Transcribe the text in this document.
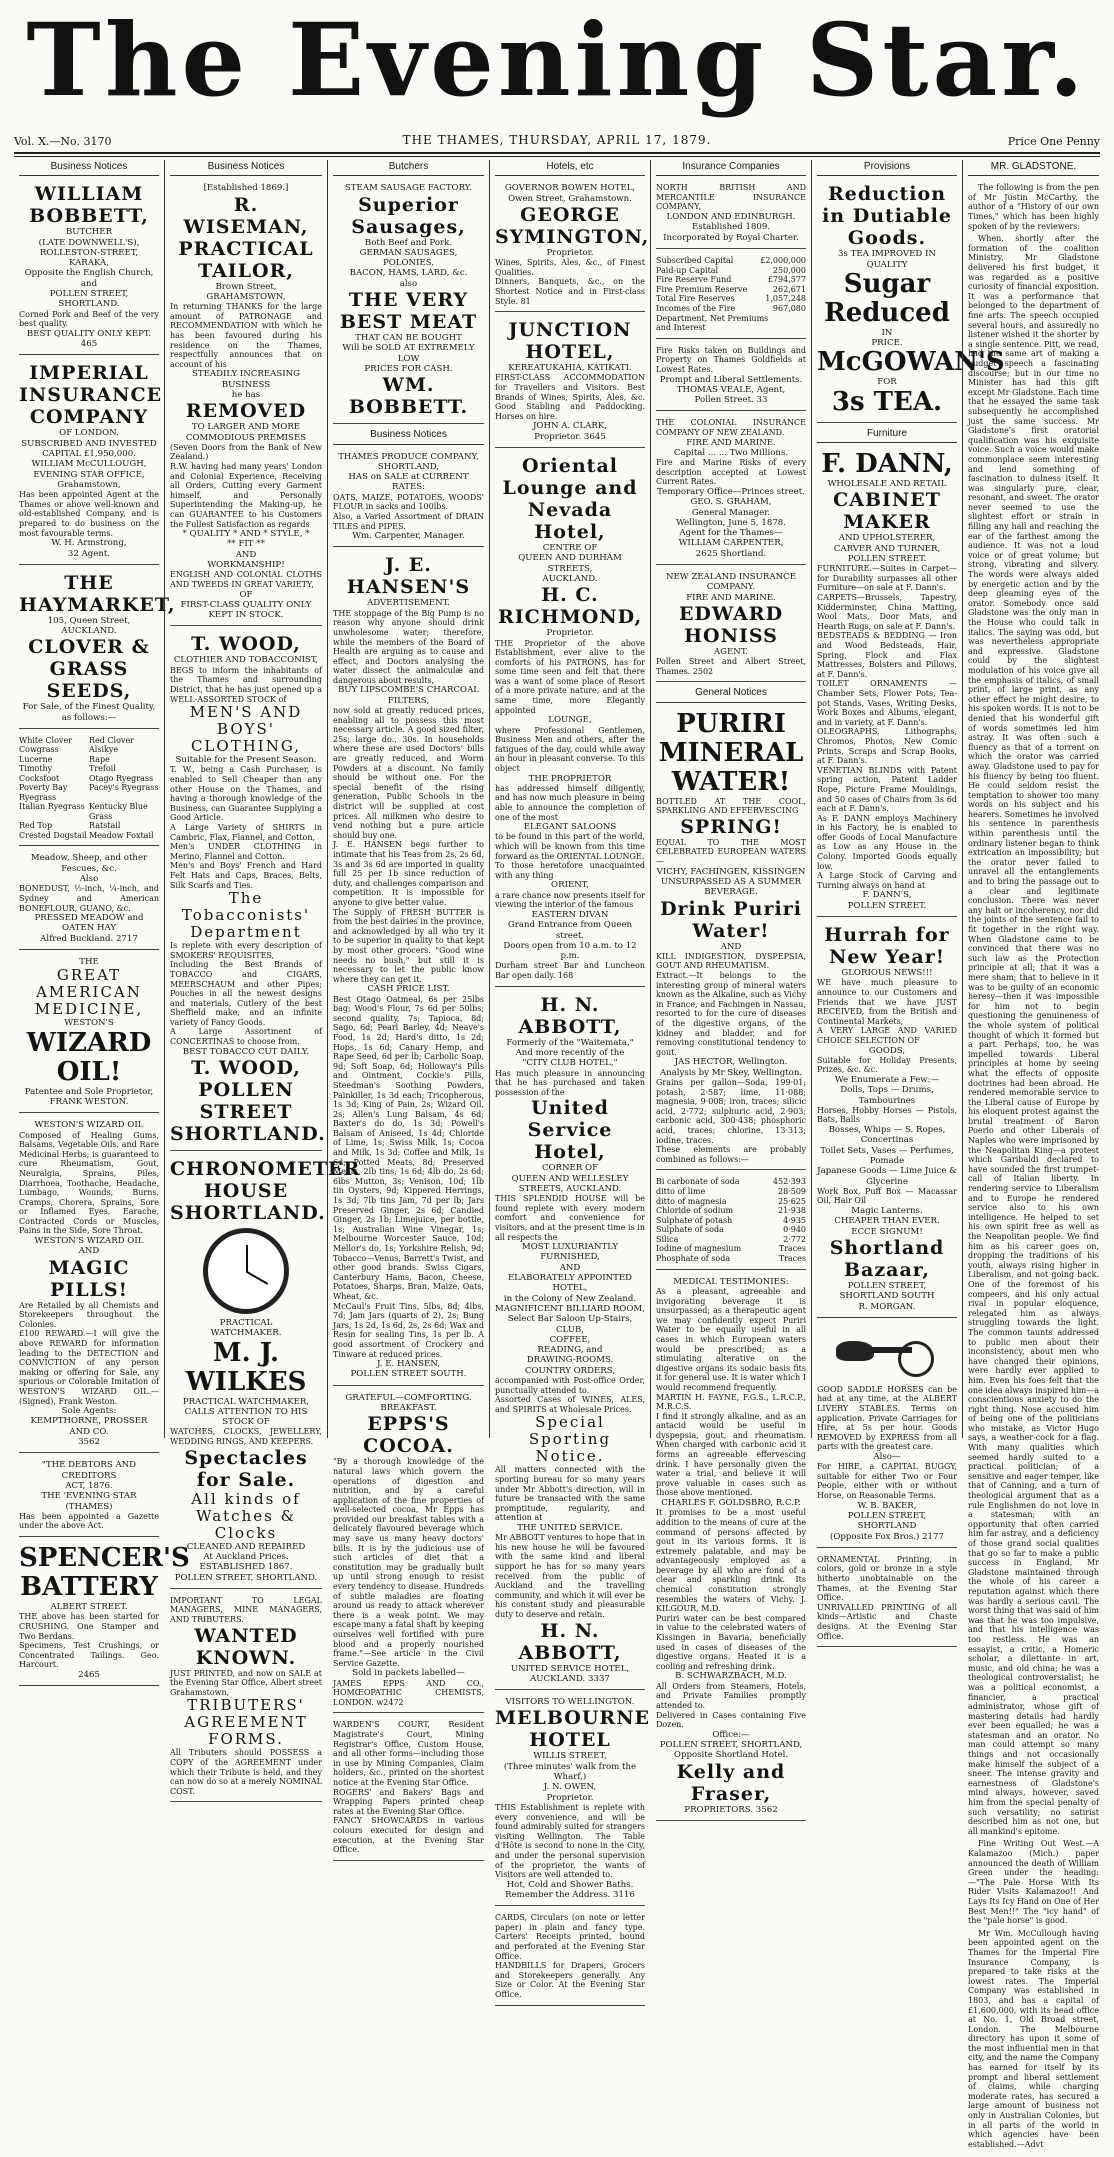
The Evening Star.
Vol. X.—No. 3170	THE THAMES, THURSDAY, APRIL 17, 1879.	Price One Penny
Business Notices
WILLIAM BOBBETT,
BUTCHER
(LATE DOWNWELL'S),
ROLLESTON-STREET, KARAKA,
Opposite the English Church,
and
POLLEN STREET, SHORTLAND.
Corned Pork and Beef of the very best quality.
BEST QUALITY ONLY KEPT. 465
IMPERIAL
INSURANCE COMPANY
OF LONDON.
SUBSCRIBED AND INVESTED
CAPITAL £1,950,000.
WILLIAM McCULLOUGH,
EVENING STAR OFFICE,
Grahamstown,
Has been appointed Agent at the Thames or above well-known and old-established Company, and is prepared to do business on the most favourable terms.
W. H. Armstrong,
32 Agent.
THE HAYMARKET,
105, Queen Street,
AUCKLAND.
CLOVER & GRASS SEEDS,
For Sale, of the Finest Quality,
as follows:—
White Clover	Red Clover
Cowgrass	Alsikye
Lucerne	Rape
Timothy	Trefoil
Cocksfoot	Otago Ryegrass
Poverty Bay Ryegrass
Pacey's Ryegrass
Italian Ryegrass Kentucky Blue Grass
Red Top	Ratstail
Crested Dogstail Meadow Foxtail
Meadow, Sheep, and other Fescues, &c.
Also
BONEDUST, ½-inch, ¼-inch, and Sydney and American BONEFLOUR, GUANO, &c.
PRESSED MEADOW and OATEN HAY
Alfred Buckland. 2717
THE
GREAT AMERICAN MEDICINE,
WESTON'S
WIZARD OIL!
Patentee and Sole Proprietor,
FRANK WESTON.
WESTON'S WIZARD OIL
Composed of Healing Gums, Balsams, Vegetable Oils, and Rare Medicinal Herbs; is guaranteed to cure Rheumatism, Gout, Neuralgia, Sprains, Piles, Diarrhoea, Toothache, Headache, Lumbago, Wounds, Burns, Cramps, Chorera, Sprains, Sore or Inflamed Eyes, Earache, Contracted Cords or Muscles, Pains in the Side, Sore Throat.
WESTON'S WIZARD OIL
AND
MAGIC PILLS!
Are Retailed by all Chemists and Storekeepers throughout the Colonies.
£100 REWARD.—I will give the above REWARD for information leading to the DETECTION and CONVICTION of any person making or offering for Sale, any spurious or Colorable Imitation of WESTON'S WIZARD OIL.—(Signed), Frank Weston.
Sole Agents:
KEMPTHORNE, PROSSER AND CO.
3562
"THE DEBTORS AND CREDITORS
ACT, 1876.
THE 'EVENING STAR
(THAMES)
Has been appointed a Gazette under the above Act.
SPENCER'S
BATTERY
ALBERT STREET.
THE above has been started for CRUSHING. One Stamper and Two Berdans.
Specimens, Test Crushings, or Concentrated Tailings. Geo. Harcourt.
2465
Business Notices
[Established 1869.]
R. WISEMAN,
PRACTICAL TAILOR,
Brown Street,
GRAHAMSTOWN,
In returning THANKS for the large amount of PATRONAGE and RECOMMENDATION with which he has been favoured during his residence on the Thames, respectfully announces that on account of his
STEADILY INCREASING BUSINESS
he has
REMOVED
TO LARGER AND MORE COMMODIOUS PREMISES
(Seven Doors from the Bank of New Zealand.)
R.W. having had many years' London and Colonial Experience, Receiving all Orders, Cutting every Garment himself, and Personally Superintending the Making-up, he can GUARANTEE to his Customers the Fullest Satisfaction as regards
* QUALITY * AND * STYLE, *
** FIT **
AND
WORKMANSHIP!
ENGLISH AND COLONIAL CLOTHS AND TWEEDS IN GREAT VARIETY,
OF
FIRST-CLASS QUALITY ONLY KEPT IN STOCK.
T. WOOD,
CLOTHIER AND TOBACCONIST,
BEGS to inform the inhabitants of the Thames and surrounding District, that he has just opened up a WELL-ASSORTED STOCK of
MEN'S AND BOYS' CLOTHING,
Suitable for the Present Season.
T. W., being a Cash Purchaser, is enabled to Sell Cheaper than any other House on the Thames, and having a thorough knowledge of the Business, can Guarantee Supplying a Good Article.
A Large Variety of SHIRTS in Cambric, Flax, Flannel, and Cotton,
Men's UNDER CLOTHING in Merino, Flannel and Cotton.
Men's and Boys' French and Hard Felt Hats and Caps, Braces, Belts, Silk Scarfs and Ties.
The Tobacconists' Department
Is replete with every description of SMOKERS' REQUISITES,
Including the Best Brands of TOBACCO and CIGARS, MEERSCHAUM and other Pipes; Pouches in all the newest designs and materials, Cutlery of the best Sheffield make, and an infinite variety of Fancy Goods.
A Large Assortment of CONCERTINAS to choose from.
BEST TOBACCO CUT DAILY.
T. WOOD,
POLLEN STREET
SHORTLAND.
CHRONOMETER HOUSE
SHORTLAND.
PRACTICAL
WATCHMAKER.
M. J. WILKES
PRACTICAL WATCHMAKER,
CALLS ATTENTION TO HIS STOCK OF
WATCHES, CLOCKS, JEWELLERY, WEDDING RINGS, AND KEEPERS.
Spectacles for Sale.
All kinds of Watches & Clocks
CLEANED AND REPAIRED
At Auckland Prices.
ESTABLISHED 1867.
POLLEN STREET, SHORTLAND.
IMPORTANT TO LEGAL MANAGERS, MINE MANAGERS, AND TRIBUTERS.
WANTED KNOWN.
JUST PRINTED, and now on SALE at the Evening Star Office, Albert street Grahamstown,
TRIBUTERS' AGREEMENT FORMS.
All Tributers should POSSESS a COPY of the AGREEMENT under which their Tribute is held, and they can now do so at a merely NOMINAL COST.
Butchers
STEAM SAUSAGE FACTORY.
Superior Sausages,
Both Beef and Pork.
GERMAN SAUSAGES, POLONIES,
BACON, HAMS, LARD, &c.
also
THE VERY BEST MEAT
THAT CAN BE BOUGHT
Will be SOLD AT EXTREMELY LOW
PRICES FOR CASH.
WM. BOBBETT.
Business Notices
THAMES PRODUCE COMPANY, SHORTLAND,
HAS on SALE at CURRENT RATES:
OATS, MAIZE, POTATOES, WOODS' FLOUR in sacks and 100lbs.
Also, a Varied Assortment of DRAIN TILES and PIPES.
Wm. Carpenter, Manager.
J. E. HANSEN'S
ADVERTISEMENT.
THE stoppage of the Big Pump is no reason why anyone should drink unwholesome water; therefore, while the members of the Board of Health are arguing as to cause and effect, and Doctors analysing the water dissect the animalculæ and dangerous about results,
BUY LIPSCOMBE'S CHARCOAL FILTERS,
now sold at greatly reduced prices, enabling all to possess this most necessary article. A good sized filter, 25s; large do., 30s. In households where these are used Doctors' bills are greatly reduced, and Worm Powders at a discount. No family should be without one. For the special benefit of the rising generation, Public Schools in the district will be supplied at cost prices. All milkmen who desire to vend nothing but a pure article should buy one.
J. E. HANSEN begs further to intimate that his Teas from 2s, 2s 6d, 3s and 3s 6d are imported in quality full 25 per 1b since reduction of duty, and challenges comparison and competition. It is impossible for anyone to give better value.
The Supply of FRESH BUTTER is from the best dairies in the province, and acknowledged by all who try it to be superior in quality to that kept by most other grocers. "Good wine needs no bush," but still it is necessary to let the public know where they can get it.
CASH PRICE LIST.
Best Otago Oatmeal, 6s per 25lbs bag; Wood's Flour, 7s 6d per 50lbs; second quality, 7s; Tapioca, 8d; Sago, 6d; Pearl Barley, 4d; Neave's Food, 1s 2d; Hard's ditto, 1s 2d; Hops, 1s 6d; Canary Hemp, and Rape Seed, 6d per lb; Carbolic Soap, 9d; Soft Soap, 6d; Holloway's Pills and Ointment, Cockle's Pills, Steedman's Soothing Powders, Painkiller, 1s 3d each; Tricopherous, 1s 3d; King of Pain, 2s; Wizard Oil, 2s; Allen's Lung Balsam, 4s 6d; Baxter's do do, 1s 3d; Powell's Balsam of Aniseed, 1s 4d; Chloride of Lime, 1s; Swiss Milk, 1s; Cocoa and Milk, 1s 3d; Coffee and Milk, 1s 6d; Potted Meats, 8d; Preserved Meats, 2lb tins, 1s 6d; 4lb do, 2s 6d; 6lbs Mutton, 3s; Venison, 10d; 1lb tin Oysters, 9d; Kippered Herrings, 1s 3d; 7lb tins Jam, 7d per lb; Jars Preserved Ginger, 2s 6d; Candied Ginger, 2s 1b; Limejuice, per bottle, 1s; Australian Wine Vinegar, 1s; Melbourne Worcester Sauce, 10d; Mellor's do, 1s; Yorkshire Relish, 9d; Tobacco—Venus, Barrett's Twist, and other good brands. Swiss Cigars, Canterbury Hams, Bacon, Cheese, Potatoes, Sharps, Bran, Maize, Oats, Wheat, &c.
McCaul's Fruit Tins, 5lbs, 8d; 4lbs, 7d; Jam Jars (quarts of 2), 2s; Bung Jars, 1s 2d, 1s 6d, 2s, 2s 6d; Wax and Resin for sealing Tins, 1s per lb. A good assortment of Crockery and Tinware at reduced prices.
J. E. HANSEN,
POLLEN STREET SOUTH.
GRATEFUL—COMFORTING.
BREAKFAST.
EPPS'S COCOA.
"By a thorough knowledge of the natural laws which govern the operations of digestion and nutrition, and by a careful application of the fine properties of well-selected cocoa, Mr Epps has provided our breakfast tables with a delicately flavoured beverage which may save us many heavy doctors' bills. It is by the judicious use of such articles of diet that a constitution may be gradually built up until strong enough to resist every tendency to disease. Hundreds of subtle maladies are floating around us ready to attack wherever there is a weak point. We may escape many a fatal shaft by keeping ourselves well fortified with pure blood and a properly nourished frame."—See article in the Civil Service Gazette.
Sold in packets labelled—
JAMES EPPS AND CO., HOMŒOPATHIC CHEMISTS, LONDON. w2472
WARDEN'S COURT, Resident Magistrate's Court, Mining Registrar's Office, Custom House, and all other forms—including those in use by Mining Companies, Claim holders, &c., printed on the shortest notice at the Evening Star Office.
ROGERS' and Bakers' Bags and Wrapping Papers printed cheap rates at the Evening Star Office.
FANCY SHOWCARDS in various colours executed for design and execution, at the Evening Star Office.
Hotels, etc
GOVERNOR BOWEN HOTEL,
Owen Street, Grahamstown.
GEORGE SYMINGTON,
Proprietor.
Wines, Spirits, Ales, &c., of Finest Qualities.
Dinners, Banquets, &c., on the Shortest Notice and in First-class Style. 81
JUNCTION HOTEL,
KEREATUKAHIA, KATIKATI.
FIRST-CLASS ACCOMMODATION for Travellers and Visitors. Best Brands of Wines, Spirits, Ales, &c. Good Stabling and Paddocking. Horses on hire.
JOHN A. CLARK,
Proprietor. 3645
Oriental Lounge and
Nevada Hotel,
CENTRE OF
QUEEN AND DURHAM STREETS,
AUCKLAND.
H. C. RICHMOND,
Proprietor.
THE Proprietor of the above Establishment, ever alive to the comforts of his PATRONS, has for some time seen and felt that there was a want of some place of Resort of a more private nature, and at the same time, more Elegantly appointed
LOUNGE,
where Professional Gentlemen, Business Men and others, after the fatigues of the day, could while away an hour in pleasant converse. To this object
THE PROPRIETOR
has addressed himself diligently, and has now much pleasure in being able to announce the completion of one of the most
ELEGANT SALOONS
to be found in this part of the world, which will be known from this time forward as the ORIENTAL LOUNGE.
To those heretofore unacquainted with any thing
ORIENT,
a rare chance now presents itself for viewing the interior of the famous
EASTERN DIVAN
Grand Entrance from Queen street.
Doors open from 10 a.m. to 12 p.m.
Durham street Bar and Luncheon Bar open daily. 168
H. N. ABBOTT,
Formerly of the "Waitemata,"
And more recently of the
"CITY CLUB HOTEL,"
Has much pleasure in announcing that he has purchased and taken possession of the
United Service Hotel,
CORNER OF
QUEEN AND WELLESLEY STREETS, AUCKLAND.
THIS SPLENDID HOUSE will be found replete with every modern comfort and convenience for visitors, and at the present time is in all respects the
MOST LUXURIANTLY FURNISHED,
AND
ELABORATELY APPOINTED HOTEL,
in the Colony of New Zealand.
MAGNIFICENT BILLIARD ROOM,
Select Bar Saloon Up-Stairs, CLUB,
COFFEE,
READING, and
DRAWING-ROOMS.
COUNTRY ORDERS,
accompanied with Post-office Order, punctually attended to.
Assorted Cases of WINES, ALES, and SPIRITS at Wholesale Prices.
Special Sporting Notice.
All matters connected with the sporting bureau for so many years under Mr Abbott's direction, will in future be transacted with the same promptitude, regularity, and attention at
THE UNITED SERVICE.
Mr ABBOTT ventures to hope that in his new house he will be favoured with the same kind and liberal support he has for so many years received from the public of Auckland and the travelling community, and which it will ever be his constant study and pleasurable duty to deserve and retain.
H. N. ABBOTT,
UNITED SERVICE HOTEL,
AUCKLAND. 3337
VISITORS TO WELLINGTON.
MELBOURNE HOTEL
WILLIS STREET,
(Three minutes' walk from the Wharf,)
J. N. OWEN,
Proprietor.
THIS Establishment is replete with every convenience, and will be found admirably suited for strangers visiting Wellington. The Table d'Hôte is second to none in the City, and under the personal supervision of the proprietor, the wants of Visitors are well attended to.
Hot, Cold and Shower Baths.
Remember the Address. 3116
CARDS, Circulars (on note or letter paper) in plain and fancy type. Carters' Receipts printed, bound and perforated at the Evening Star Office.
HANDBILLS for Drapers, Grocers and Storekeepers generally. Any Size or Color. At the Evening Star Office.
Insurance Companies
NORTH BRITISH AND MERCANTILE INSURANCE COMPANY,
LONDON AND EDINBURGH.
Established 1809.
Incorporated by Royal Charter.
Subscribed Capital	£2,000,000
Paid-up Capital	250,000
Fire Reserve Fund	£794,577
Fire Premium Reserve	262,671
Total Fire Reserves	1,057,248
Incomes of the Fire Department, Net Premiums and Interest
967,080
Fire Risks taken on Buildings and Property on Thames Goldfields at Lowest Rates.
Prompt and Liberal Settlements.
THOMAS VEALE, Agent,
Pollen Street. 33
THE COLONIAL INSURANCE COMPANY OF NEW ZEALAND.
FIRE AND MARINE.
Capital ... ... Two Millions.
Fire and Marine Risks of every description accepted at Lowest Current Rates.
Temporary Office—Princes street.
GEO. S. GRAHAM,
General Manager.
Wellington, June 5, 1878.
Agent for the Thames—
WILLIAM CARPENTER,
2625 Shortland.
NEW ZEALAND INSURANCE COMPANY.
FIRE AND MARINE.
EDWARD HONISS
AGENT.
Pollen Street and Albert Street, Thames. 2502
General Notices
PURIRI MINERAL
WATER!
BOTTLED AT THE COOL, SPARKLING AND EFFERVESCING
SPRING!
EQUAL TO THE MOST CELEBRATED EUROPEAN WATERS—
VICHY, FACHINGEN, KISSINGEN
UNSURPASSED AS A SUMMER BEVERAGE.
Drink Puriri Water!
AND
KILL INDIGESTION, DYSPEPSIA, GOUT AND RHEUMATISM.
Extract.—It belongs to the interesting group of mineral waters known as the Alkaline, such as Vichy in France, and Fachingen in Nassau, resorted to for the cure of diseases of the digestive organs, of the kidney and bladder, and for removing constitutional tendency to gout.
JAS HECTOR, Wellington.
Analysis by Mr Skey, Wellington.
Grains per gallon—Soda, 199·01; potash, 2·587; lime, 11·088; magnesia, 9·008; iron, traces; silicic acid, 2·772; sulphuric acid, 2·903; carbonic acid, 300·438; phosphoric acid, traces; chlorine, 13·313; iodine, traces.
These elements are probably combined as follows:—
Bi carbonate of soda	452·393
ditto of lime	28·509
ditto of magnesia	25·625
Chloride of sodium	21·938
Sulphate of potash	4·935
Sulphate of soda	0·940
Silica	2·772
Iodine of magnesium	Traces
Phosphate of soda	Traces
MEDICAL TESTIMONIES:
As a pleasant, agreeable and invigorating beverage it is unsurpassed; as a therapeutic agent we may confidently expect Puriri Water to be equally useful in all cases in which European waters would be prescribed; as a stimulating alterative on the digestive organs its sodaic basis fits it for general use. It is water which I would recommend frequently.
MARTIN H. FAYNE, F.G.S., L.R.C.P., M.R.C.S.
I find it strongly alkaline, and as an antacid would be useful in dyspepsia, gout, and rheumatism. When charged with carbonic acid it forms an agreeable effervescing drink. I have personally given the water a trial, and believe it will prove valuable in cases such as those above mentioned.
CHARLES F. GOLDSBRO, R.C.P.
It promises to be a most useful addition to the means of cure at the command of persons affected by gout in its various forms. It is extremely palatable, and may be advantageously employed as a beverage by all who are fond of a clear and sparkling drink. Its chemical constitution strongly resembles the waters of Vichy. J. KILGOUR, M.D.
Puriri water can be best compared in value to the celebrated waters of Kissingen in Bavaria, beneficially used in cases of diseases of the digestive organs. Heated it is a cooling and refreshing drink.
B. SCHWARZBACH, M.D.
All Orders from Steamers, Hotels, and Private Families promptly attended to.
Delivered in Cases containing Five Dozen.
Office:—
POLLEN STREET, SHORTLAND,
Opposite Shortland Hotel.
Kelly and Fraser,
PROPRIETORS. 3562
Provisions
Reduction in Dutiable
Goods.
3s TEA IMPROVED IN QUALITY
Sugar Reduced
IN
PRICE.
McGOWAN'S
FOR
3s TEA.
Furniture
F. DANN,
WHOLESALE AND RETAIL
CABINET MAKER
AND UPHOLSTERER,
CARVER AND TURNER,
POLLEN STREET.
FURNITURE.—Suites in Carpet—for Durability surpasses all other Furniture—on sale at F. Dann's.
CARPETS—Brussels, Tapestry, Kidderminster, China Matting, Wool Mats, Door Mats, and Hearth Rugs, on sale at F. Dann's.
BEDSTEADS & BEDDING — Iron and Wood Bedsteads, Hair, Spring, Flock and Flax Mattresses, Bolsters and Pillows, at F. Dann's.
TOILET ORNAMENTS — Chamber Sets, Flower Pots, Tea-pot Stands, Vases, Writing Desks, Work Boxes and Albums, elegant, and in variety, at F. Dann's.
OLEOGRAPHS, Lithographs, Chromos, Photos, New Comic Prints, Scraps and Scrap Books, at F. Dann's.
VENETIAN BLINDS with Patent spring action, Patent Ladder Rope, Picture Frame Mouldings, and 50 cases of Chairs from 3s 6d each at F. Dann's.
As F. DANN employs Machinery in his Factory, he is enabled to offer Goods of Local Manufacture as Low as any House in the Colony. Imported Goods equally low.
A Large Stock of Carving and Turning always on hand at
F. DANN'S,
POLLEN STREET.
Hurrah for New Year!
GLORIOUS NEWS!!!
WE have much pleasure to announce to our Customers and Friends that we have JUST RECEIVED, from the British and Continental Markets,
A VERY LARGE AND VARIED CHOICE SELECTION OF
GOODS,
Suitable for Holiday Presents, Prizes, &c. &c.
We Enumerate a Few:—
Dolls, Tops — Drums, Tambourines
Horses, Hobby Horses — Pistols, Bats, Balls
Bosses, Whips — S. Ropes, Concertinas
Toilet Sets, Vases — Perfumes, Pomade
Japanese Goods — Lime Juice & Glycerine
Work Box, Puff Box — Macassar Oil, Hair Oil
Magic Lanterns.
CHEAPER THAN EVER.
ECCE SIGNUM!
Shortland Bazaar,
POLLEN STREET, SHORTLAND SOUTH
R. MORGAN.
GOOD SADDLE HORSES can be had at any time, at the ALBERT LIVERY STABLES. Terms on application. Private Carriages for Hire, at 5s per hour. Goods REMOVED by EXPRESS from all parts with the greatest care.
Also—
For HIRE, a CAPITAL BUGGY, suitable for either Two or Four People, either with or without Horse, on Reasonable Terms.
W. B. BAKER,
POLLEN STREET, SHORTLAND
(Opposite Fox Bros.) 2177
ORNAMENTAL Printing, in colors, gold or bronze in a style hitherto unobtainable on the Thames, at the Evening Star Office.
UNRIVALLED PRINTING of all kinds—Artistic and Chaste designs. At the Evening Star Office.
MR. GLADSTONE.

The following is from the pen of Mr Justin McCarthy, the author of a "History of our own Times," which has been highly spoken of by the reviewers:

When, shortly after the formation of the coalition Ministry, Mr Gladstone delivered his first budget, it was regarded as a positive curiosity of financial exposition. It was a performance that belonged to the department of fine arts. The speech occupied several hours, and assuredly no listener wished it the shorter by a single sentence. Pitt, we read, had the same art of making a budget speech a fascinating discourse; but in our time no Minister has had this gift except Mr Gladstone. Each time that he essayed the same task subsequently he accomplished just the same success. Mr Gladstone's first oratorial qualification was his exquisite voice. Such a voice would make commonplace seem interesting and lend something of fascination to dulness itself. It was singularly pure, clear, resonant, and sweet. The orator never seemed to use the slightest effort or strain in filling any hall and reaching the ear of the farthest among the audience. It was not a loud voice or of great volume; but strong, vibrating and silvery. The words were always aided by energetic action and by the deep gleaming eyes of the orator. Somebody once said Gladstone was the only man in the House who could talk in italics. The saying was odd, but was nevertheless appropriate and expressive. Gladstone could by the slightest modulation of his voice give all the emphasis of italics, of small print, of large print, as any other effect he might desire, to his spoken words. It is not to be denied that his wonderful gift of words sometimes led him astray. It was often such a fluency as that of a torrent on which the orator was carried away. Gladstone used to pay for his fluency by being too fluent. He could seldom resist the temptation to shower too many words on his subject and his hearers. Sometimes he involved his sentence in parenthesis within parenthesis until the ordinary listener began to think extrication an impossibility; but the orator never failed to unravel all the entanglements and to bring the passage out to a clear and legitimate conclusion. There was never any halt or incoherency, nor did the joints of the sentence fail to fit together in the right way. When Gladstone came to be convinced that there was no such law as the Protection principle at all; that it was a mere sham; that to believe in it was to be guilty of an economic heresy—then it was impossible for him not to begin questioning the genuineness of the whole system of political thought of which it formed but a part. Perhaps, too, he was impelled towards Liberal principles at home by seeing what the effects of opposite doctrines had been abroad. He rendered memorable service to the Liberal cause of Europe by his eloquent protest against the brutal treatment of Baron Poerio and other Liberals of Naples who were imprisoned by the Neapolitan King—a protest which Garibaldi declared to have sounded the first trumpet-call of Italian liberty. In rendering service to Liberalism and to Europe he rendered service also to his own intelligence. He helped to set his own spirit free as well as the Neapolitan people. We find him as his career goes on, dropping the traditions of his youth, always rising higher in Liberalism, and not going back. One of the foremost of his compeers, and his only actual rival in popular eloquence, relegated him as always struggling towards the light. The common taunts addressed to public men about their inconsistency, about men who have changed their opinions, were hardly ever applied to him. Even his foes felt that the one idea always inspired him—a conscientious anxiety to do the right thing. Nose accused him of being one of the politicians who mistake, as Victor Hugo says, a weather-cock for a flag. With many qualities which seemed hardly suited to a practical politician; of a sensitive and eager temper, like that of Canning, and a turn of theological argument that as a rule Englishmen do not love in a statesman; with an opportunity that often carried him far astray, and a deficiency of those grand social qualities that go so far to make a public success in England, Mr Gladstone maintained through the whole of his career a reputation against which there was hardly a serious cavil. The worst thing that was said of him was that he was too impulsive, and that his intelligence was too restless. He was an essayist, a critic, a Homeric scholar, a dilettante in art, music, and old china; he was a theological controversialist; he was a political economist, a financier, a practical administrator, whose gift of mastering details had hardly ever been equalled; he was a statesman and an orator. No man could attempt so many things and not occasionally make himself the subject of a sneer. The intense gravity and earnestness of Gladstone's mind always, however, saved him from the special penalty of such versatility; no satirist described him as not one, but all mankind's epitome.

Fine Writing Out West.—A Kalamazoo (Mich.) paper announced the death of William Green under the heading:—"The Pale Horse With Its Rider Visits Kalamazoo!! And Lays Its Icy Hand on One of Her Best Men!!" The "icy hand" of the "pale horse" is good.

Mr Wm. McCullough having been appointed agent on the Thames for the Imperial Fire Insurance Company, is prepared to take risks at the lowest rates. The Imperial Company was established in 1803, and has a capital of £1,600,000, with its head office at No. 1, Old Broad street, London. The Melbourne directory has upon it some of the most influential men in that city, and the name the Company has earned for itself by its prompt and liberal settlement of claims, while charging moderate rates, has secured a large amount of business not only in Australian Colonies, but in all parts of the world in which agencies have been established.—Advt
